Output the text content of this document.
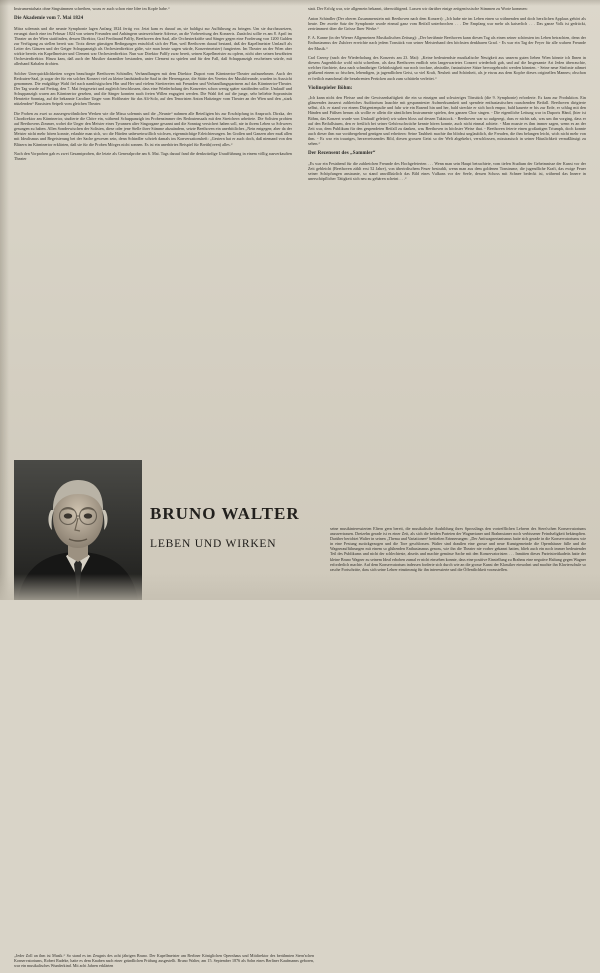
Instrumentalsatz ohne Singstimmen schreiben, wozu er auch schon eine Idee im Kopfe habe.“

Die Akademie vom 7. Mai 1824

Mitra solemnis und die neunte Symphonie lagen Anfang 1824 fertig vor. Jetzt kam es darauf an, sie baldigst zur Aufführung zu bringen. Um sie durchzusetzen, errungst durch eine im Februar 1824 von seinen Freunden und Anhängern unterzeichnete Adresse, an die Vorbereitung des Konzerts. Zunächst sollte es am 8. April im Theater an der Wien stattfinden, dessen Direktor, Graf Ferdinand Palffy, Beethoven den Saal, alle Orchesterkräfte und Sänger gegen eine Forderung von 1200 Gulden zur Verfügung zu stellen bereit war. Trotz dieser günstigen Bedingungen entschloß sich der Plan, weil Beethoven darauf bestand, daß der Kapellmeister Umlauff als Leiter des Gänzen und der Geiger Schuppanzigh als Orchesterdirektor gülte, wie man heute sagen würde, Konzertmeister) fungierten. Im Theater an der Wien aber wirkte bereits ein Kapellmeister und Clement war Orchesterdirektor. Nun war Direktor Palffy zwar bereit, seinen Kapellmeister zu opfern, nicht aber seinen bewährten Orchesterdirektor. Hinzu kam, daß auch der Musiker daranüber bestanden, unter Clement zu spielen und für den Fall, daß Schuppanzigh erscheinen würde, mit allerhand Kabalen drohten.

Solcher Unerquicklichkeiten wegen beauftragte Beethoven Schindler, Verhandlungen mit dem Direktor Duport vom Kärntnertor-Theater aufzunehmen. Auch der Redouten-Saal, ja sogar der für ein solches Konzert viel zu kleine landständische Saal in der Herrengasse, die Stätte des Vereins der Musikfreunde, wurden in Aussicht genommen. Die endgültige Wahl fiel nach namlösigischen Hin und Her und vielem Streitereien mit Freunden und Verhandlungspartnern auf das Kärntnertor-Theater. Der Tag wurde auf Freitag, den 7. Mai festgesetzt und zugleich beschlossen, dass eine Wiederholung des Konzertes schon wenig später stattfinden sollte. Umlauff und Schuppanzigh waren am Kärntnertor gesehen, und die Sänger konnten nach freien Willen engagiert werden. Die Wahl fiel auf die junge, sehr beliebte Sopranistin Henriette Sonntag, auf die bekannte Caroline Unger vom Hoftheater für das Alt-Solo, auf den Tenoristen Anton Haitzinger vom Theater an der Wien und den „stark nützlenden“ Bassisten Seipelt vom gleichen Theater.

Die Proben zu zwei so aussergewöhnlichen Werken wie die Missa solemnis und die „Neunte“ nahmen alle Beteiligten bis zur Erschöpfung in Anspruch. Dirzka, der Chordirektor am Kärntnertor, studierte die Chöre ein, während Schuppanzigh im Probenzimmer des Redoutensaals mit den Streichern arbeitete. Die Solisten probten auf Beethovens Zimmer, wobei die Unger den Meister eines Tyrannen alter Singorgane gesannt und die Sonntag versichert haben soll, nie in ihrem Leben so Schweres gesungen zu haben. Allen Sonderwischen der Solisten, diese oder jene Stelle ihrer Stimme abzuändern, setzte Beethoven ein unerbittliches „Nein entgegen; aber da der Meister nicht mehr hören konnte, erlaubte man sich, wo die Hürden unbeweinwillich wichsen, eigenmächtige Erleichterungen. Im Großen und Ganzen aber muß allen mit Idealismus und Begeisterung bei der Sache gewesen sein, denn Schindler schrieb damals ins Konversationsheft: „Gestern hat er auch doch, daß niemand von den Bläsern im Kärntnertor erklärten, daß sie für die Proben Mörges nicht sonnen. Es ist ein unerhörtes Beispiel für Breith(oven) alles.“

Nach den Vorproben gab es zwei Gesamtproben, die letzte als Generalprobe am 6. Mai. Tags darauf fand die denkwürdige Uraufführung in einem völlig ausverkauften Theater

statt. Der Erfolg war, wie allgemein bekannt, überwältigend. Lassen wir darüber einige zeitgenössische Stimmen zu Worte kommen:

Anton Schindler (Der oberen Zusammenstein mit Beethoven nach dem Konzert): „Ich habe nie im Leben einen so wähnenden und doch herzlichen Applaus gehört als heute. Der zweite Satz der Symphonie wurde einmal ganz vom Beifall unterbrochen . . . Der Empfang war mehr als kaiserlich . . . Das ganze Volk ist gedrückt, zertrümmert über die Grösse Ihrer Werke.“

F. A. Kanne (in der Wiener Allgemeinen Musikalischen Zeitung): „Der berühmte Beethoven kann diesen Tag als einen seiner schönsten im Leben betrachten, denn der Enthusiasmus der Zuhörer erreichte nach jedem Tonstück von seiner Meisterhand den höchsten denkbaren Grad. - Es war ein Tag der Feyer für alle wahren Freunde der Musik.“

Carl Czerny (nach der Wiederholung des Konzerts am 23. Mai): „Keine bedeutendste musikalische Neuigkeit aus unserm guten lieben Wien könnte ich Ihnen in diesem Augenblicke wohl nicht schreiben, als dass Beethoven endlich sein langerwartetes Conzert wiederholt gab, und auf die Insgesamte Art Jeden überraschte, welcher fürchtete, dass nach schmähriger Gehärlosigkeit nur noch trockne, abstraßte, fantastisiere Sätze hervorgebracht werden könnten. - Seine neue Sinfonie athmet grüßsend einem so frischen, lebendigen, ja jugendlichen Geist, so viel Kraft, Neuheit und Schönheit, als je etwas aus dem Kopfre dieses originellen Mannes; obschon er freilich manchmal die bezahrenten Perücken auch zum schütteln verleitet.“

Violinspieler Böhm:

„Ich kann nicht den Fleisse und der Gewissenhaftigkeit die ein so einzigen und schwieriges Tönstück (die 9. Symphonie) erforderte. Es kam zur Produktion. Ein glänzendes äusserst zahlreiches Auditorium lauschte mit gespanntester Aufmerksamkeit und spendete enthusiastischen rauschenden Beifall. Beethoven dirigierte selbst, d.h. er stand vor einem Dirigentenpulte und fuhr wie ein Rasend hin und her, bald streckte er sich hoch empor, bald kauerte er bis zur Erde, er schlug mit den Händen und Füßsen herum als wollte er allein die sämtlichen Instrumente spielen, den ganzen Chor singen. - Die eigentliche Leitung war in Duports Händ, (hier ist Böhm, das Konzert wurde von Umlauff geleitet) wir sahen bloss auf dessen Taktstock. - Beethoven war so aufgeregt, dass er nichts sah, was um ihn vorging, dass er auf den Beifallsturm, den er freülich bei seiner Gehörsschwäche kennte hören konnte, auch nicht einmal achtete. - Man musste es ihm immer sagen, wenn es an der Zeit war, dem Publikum für den gespendeten Beifall zu danken, was Beethoven in höchster Weise that. - Beethoven feierte einen großartigen Triumph, doch konnte auch dieser ihm nur vorübergehend genügen und erheitern: Seine Taubheit machte ihn blödsst unglaublich, die Freuden, die ihm belangen leicht, wich nicht mehr von ihm. - Es war ein trauriges, herzerreissendes Bild, diesen grossen Geist so der Welt abgekehrt, verschlossen, misstrauisch in seiner Häuslichkeit vernaßlässigt zu sehen.“

Der Rezensent des „Sammler“

„Es war ein Festabend für die zahlreichen Freunde des Hochgefeierten . . . Wenn man sein Haupt betrachtete, vom tiefen Studium der Geheimnisse der Kunst vor der Zeit gebleicht (Beethoven zählt erst 52 Jahre), von überirdischem Feuer bestrahlt, wenn man aus dem goldenen Tonstrume, die jugendliche Kraft, das ewige Feuer seiner Schöpfungen anstaunte, so stand unwillkürlich das Bild eines Vulkans vor der Seele, dessen Schoss mit Schnee bedeckt ist, während das Innere in unerschöpflicher Tätigkeit sich neu zu gebären scheint . . .“

BRUNO WALTER
LEBEN UND WIRKEN

seine musikinteressierten Eltern gern bereit, die musikalische Ausbildung ihres Sprosslings den vortrefflichen Lehrern des Stern'schen Konservatoriums anzuvertrauen. Dreizehn gerade ist es einer Zeit, als sich die beiden Parteien der Wagnerianer und Brahmsianer noch verbissener Feindseligkeit bekämpften. Darüber berichtet Walter in seinen „Thema und Variationen“ betitelten Erinnerungen: „Der Antiwagnerianismus hatte sich gerade in die Konservatoriums wie in eine Festung zurückgezogen und die Tore geschlossen. Walter sind draußen eine grosse und neue Kunstgemeinde die Opernhäuser fülle und die Wagneraufführungen mit einem so glühenden Enthusiasmus genoss, wie ihn die Theater nie vorher gekannt hatten, blieb auch ein noch immer bedeutender Teil des Publikums und nicht der schlechteste, abseits und machte gemässe Sache mit den Konservatoristen . . . Inmitten dieses Parteistreitkadetts hatte der kleine Bruno Wagner zu seinem Ideal erhoben zumal er nicht einsehen konnte, dass eine positive Einstellung zu Brahms eine negative Haltung gegen Wagner erforderlich machte. Auf dem Konservatorium indessen forderte sich durch wie an die grosse Kunst der Klassiker einwohnt und machte ihn Klavierschule so rasche Fortschritte, dass sich seine Lehrer einstimmig für ihn interessierte und die Öffentlichkeit vorzustellen.

„Jeder Zoll an ihm ist Musik.“ So stand es im Zeugnis des acht jährigen Bruno. Der Kapellmeister am Berliner Königlichen Opernhaus und Mitdirektor des berühmten Stern'schen Konservatoriums, Robert Radeke, hatte es dem Knaben nach einer gründlichen Prüfung ausgestellt. Bruno Walter, am 15. September 1876 als Sohn eines Berliner Kaufmanns geboren, war ein musikalisches Wunderkind. Mit acht Jahren erklärten
